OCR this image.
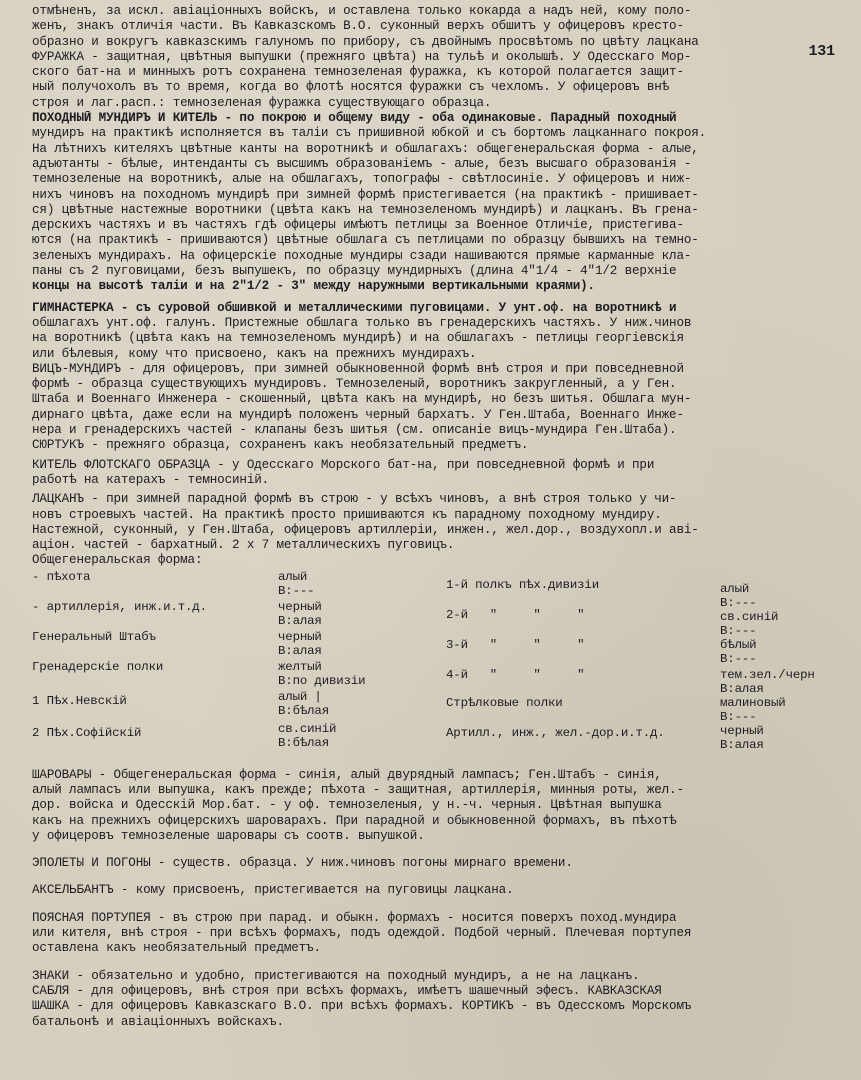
131
отмѣненъ, за искл. авіаціонныхъ войскъ, и оставлена только кокарда а надъ ней, кому поло-
женъ, знакъ отличія части. Въ Кавказскомъ В.О. суконный верхъ обшитъ у офицеровъ кресто-
образно и вокругъ кавказскимъ галуномъ по прибору, съ двойнымъ просвѣтомъ по цвѣту лацкана
ФУРАЖКА - защитная, цвѣтныя выпушки (прежняго цвѣта) на тульѣ и околышѣ. У Одесскаго Мор-
ского бат-на и минныхъ ротъ сохранена темнозеленая фуражка, къ которой полагается защит-
ный получохолъ въ то время, когда во флотѣ носятся фуражки съ чехломъ. У офицеровъ внѣ
строя и лаг.расп.: темнозеленая фуражка существующаго образца.
ПОХОДНЫЙ МУНДИРЪ И КИТЕЛЬ - по покрою и общему виду - оба одинаковые. Парадный походный
мундиръ на практикѣ исполняется въ таліи съ пришивной юбкой и съ бортомъ лацканнаго покроя.
На лѣтнихъ кителяхъ цвѣтные канты на воротникѣ и обшлагахъ: общегенеральская форма - алые,
адъютанты - бѣлые, интенданты съ высшимъ образованіемъ - алые, безъ высшаго образованія -
темнозеленые на воротникѣ, алые на обшлагахъ, топографы - свѣтлосиніе. У офицеровъ и ниж-
нихъ чиновъ на походномъ мундирѣ при зимней формѣ пристегивается (на практикѣ - пришивает-
ся) цвѣтные настежные воротники (цвѣта какъ на темнозеленомъ мундирѣ) и лацканъ. Въ грена-
дерскихъ частяхъ и въ частяхъ гдѣ офицеры имѣютъ петлицы за Военное Отличіе, пристегива-
ются (на практикѣ - пришиваются) цвѣтные обшлага съ петлицами по образцу бывшихъ на темно-
зеленыхъ мундирахъ. На офицерскіе походные мундиры сзади нашиваются прямые карманные кла-
паны съ 2 пуговицами, безъ выпушекъ, по образцу мундирныхъ (длина 4"1/4 - 4"1/2 верхніе
концы на высотѣ таліи и на 2"1/2 - 3" между наружными вертикальными краями).
ГИМНАСТЕРКА - съ суровой обшивкой и металлическими пуговицами. У унт.оф. на воротникѣ и
обшлагахъ унт.оф. галунъ. Пристежные обшлага только въ гренадерскихъ частяхъ. У ниж.чинов
на воротникѣ (цвѣта какъ на темнозеленомъ мундирѣ) и на обшлагахъ - петлицы георгіевскія
или бѣлевыя, кому что присвоено, какъ на прежнихъ мундирахъ.
ВИЦЪ-МУНДИРЪ - для офицеровъ, при зимней обыкновенной формѣ внѣ строя и при повседневной
формѣ - образца существующихъ мундировъ. Темнозеленый, воротникъ закругленный, а у Ген.
Штаба и Военнаго Инженера - скошенный, цвѣта какъ на мундирѣ, но безъ шитья. Обшлага мун-
дирнаго цвѣта, даже если на мундирѣ положенъ черный бархатъ. У Ген.Штаба, Военнаго Инже-
нера и гренадерскихъ частей - клапаны безъ шитья (см. описаніе вицъ-мундира Ген.Штаба).
СЮРТУКЪ - прежняго образца, сохраненъ какъ необязательный предметъ.
КИТЕЛЬ ФЛОТСКАГО ОБРАЗЦА - у Одесскаго Морского бат-на, при повседневной формѣ и при
работѣ на катерахъ - темносиній.
ЛАЦКАНЪ - при зимней парадной формѣ въ строю - у всѣхъ чиновъ, а внѣ строя только у чи-
новъ строевыхъ частей. На практикѣ просто пришиваются къ парадному походному мундиру.
Настежной, суконный, у Ген.Штаба, офицеровъ артиллеріи, инжен., жел.дор., воздухопл.и аві-
аціон. частей - бархатный. 2 х 7 металлическихъ пуговицъ.
Общегенеральская форма:
- пѣхота	алый
В:---
- артиллерія, инж.и.т.д.	черный
В:алая
Генеральный Штабъ	черный
В:алая
Гренадерскіе полки	желтый
В:по дивизіи
1 Пѣх.Невскій	алый |
В:бѣлая
2 Пѣх.Софійскій	св.синій
В:бѣлая
1-й полкъ пѣх.дивизіи	алый
В:---
2-й   "     "     "	св.синій
В:---
3-й   "     "     "	бѣлый
В:---
4-й   "     "     "	тем.зел./черн
В:алая
Стрѣлковые полки	малиновый
В:---
Артилл., инж., жел.-дор.и.т.д.	черный
В:алая
ШАРОВАРЫ - Общегенеральская форма - синія, алый двурядный лампасъ; Ген.Штабъ - синія,
алый лампасъ или выпушка, какъ прежде; пѣхота - защитная, артиллерія, минныя роты, жел.-
дор. войска и Одесскій Мор.бат. - у оф. темнозеленыя, у н.-ч. черныя. Цвѣтная выпушка
какъ на прежнихъ офицерскихъ шароварахъ. При парадной и обыкновенной формахъ, въ пѣхотѣ
у офицеровъ темнозеленые шаровары съ соотв. выпушкой.
ЭПОЛЕТЫ И ПОГОНЫ - существ. образца. У ниж.чиновъ погоны мирнаго времени.
АКСЕЛЬБАНТЪ - кому присвоенъ, пристегивается на пуговицы лацкана.
ПОЯСНАЯ ПОРТУПЕЯ - въ строю при парад. и обыкн. формахъ - носится поверхъ поход.мундира
или кителя, внѣ строя - при всѣхъ формахъ, подъ одеждой. Подбой черный. Плечевая портупея
оставлена какъ необязательный предметъ.
ЗНАКИ - обязательно и удобно, пристегиваются на походный мундиръ, а не на лацканъ.
САБЛЯ - для офицеровъ, внѣ строя при всѣхъ формахъ, имѣетъ шашечный эфесъ. КАВКАЗСКАЯ
ШАШКА - для офицеровъ Кавказскаго В.О. при всѣхъ формахъ. КОРТИКЪ - въ Одесскомъ Морскомъ
батальонѣ и авіаціонныхъ войскахъ.
